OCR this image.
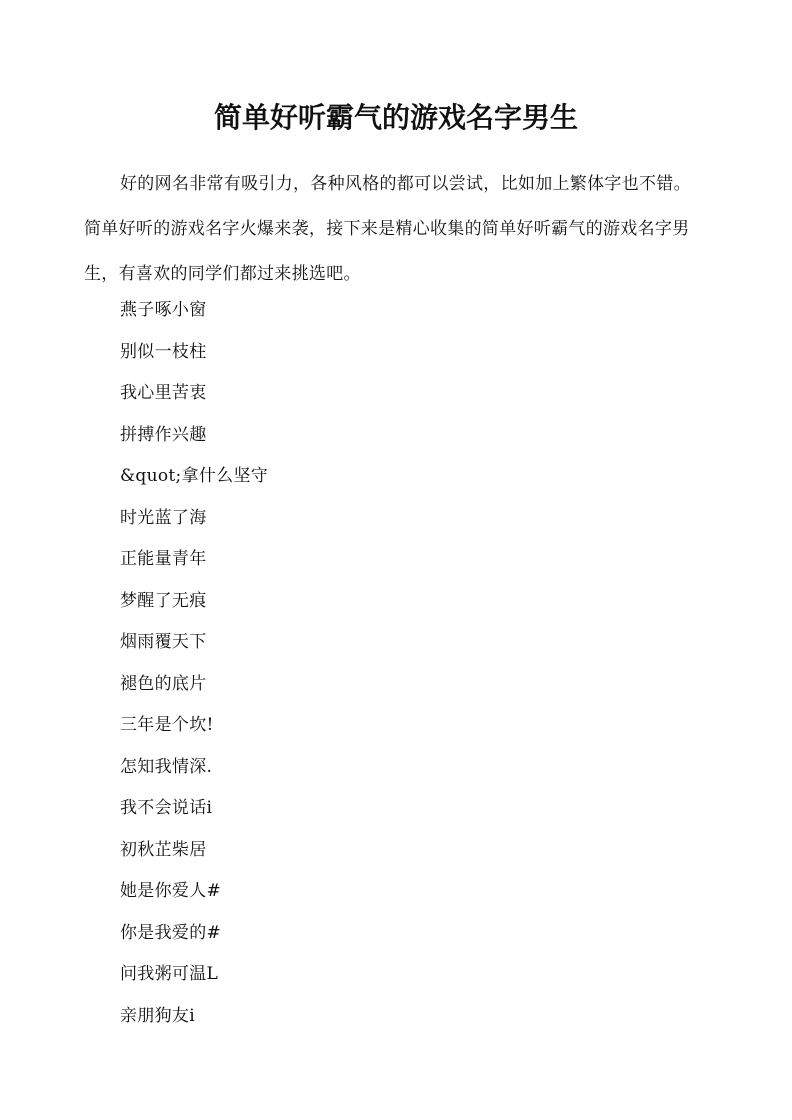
简单好听霸气的游戏名字男生

好的网名非常有吸引力，各种风格的都可以尝试，比如加上繁体字也不错。简单好听的游戏名字火爆来袭，接下来是精心收集的简单好听霸气的游戏名字男生，有喜欢的同学们都过来挑选吧。

燕子啄小窗
别似一枝柱
我心里苦衷
拼搏作兴趣
&quot;拿什么坚守
时光蓝了海
正能量青年
梦醒了无痕
烟雨覆天下
褪色的底片
三年是个坎!
怎知我情深.
我不会说话i
初秋芷柴居
她是你爱人#
你是我爱的#
问我粥可温L
亲朋狗友i
